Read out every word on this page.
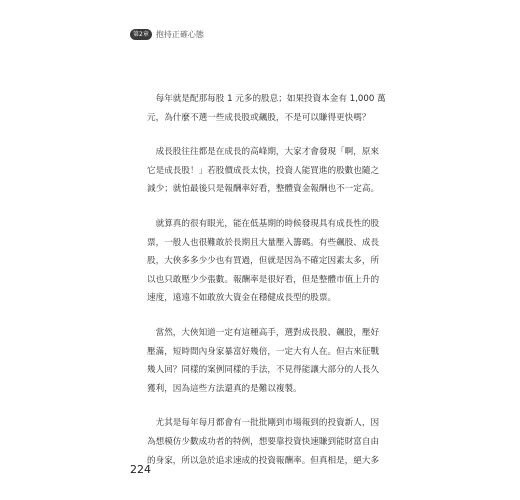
第2章 抱持正確心態

　每年就是配那每股 1 元多的股息；如果投資本金有 1,000 萬
元，為什麼不選一些成長股或飆股，不是可以賺得更快嗎？

　成長股往往都是在成長的高峰期，大家才會發現「啊，原來
它是成長股！」若股價成長太快，投資人能買進的股數也隨之
減少；就怕最後只是報酬率好看，整體資金報酬也不一定高。

　就算真的很有眼光，能在低基期的時候發現具有成長性的股
票，一般人也很難敢於長期且大量壓入籌碼。有些飆股、成長
股，大俠多多少少也有買過，但就是因為不確定因素太多，所
以也只敢壓少少張數。報酬率是很好看，但是整體市值上升的
速度，遠遠不如敢放大資金在穩健成長型的股票。

　當然，大俠知道一定有這種高手，選對成長股、飆股，壓好
壓滿，短時間內身家暴富好幾倍，一定大有人在。但古來征戰
幾人回？同樣的案例同樣的手法，不見得能讓大部分的人長久
獲利，因為這些方法還真的是難以複製。

　尤其是每年每月都會有一批批剛到市場報到的投資新人，因
為想模仿少數成功者的特例，想要靠投資快速賺到能財富自由
的身家，所以急於追求速成的投資報酬率。但真相是，絕大多

224
